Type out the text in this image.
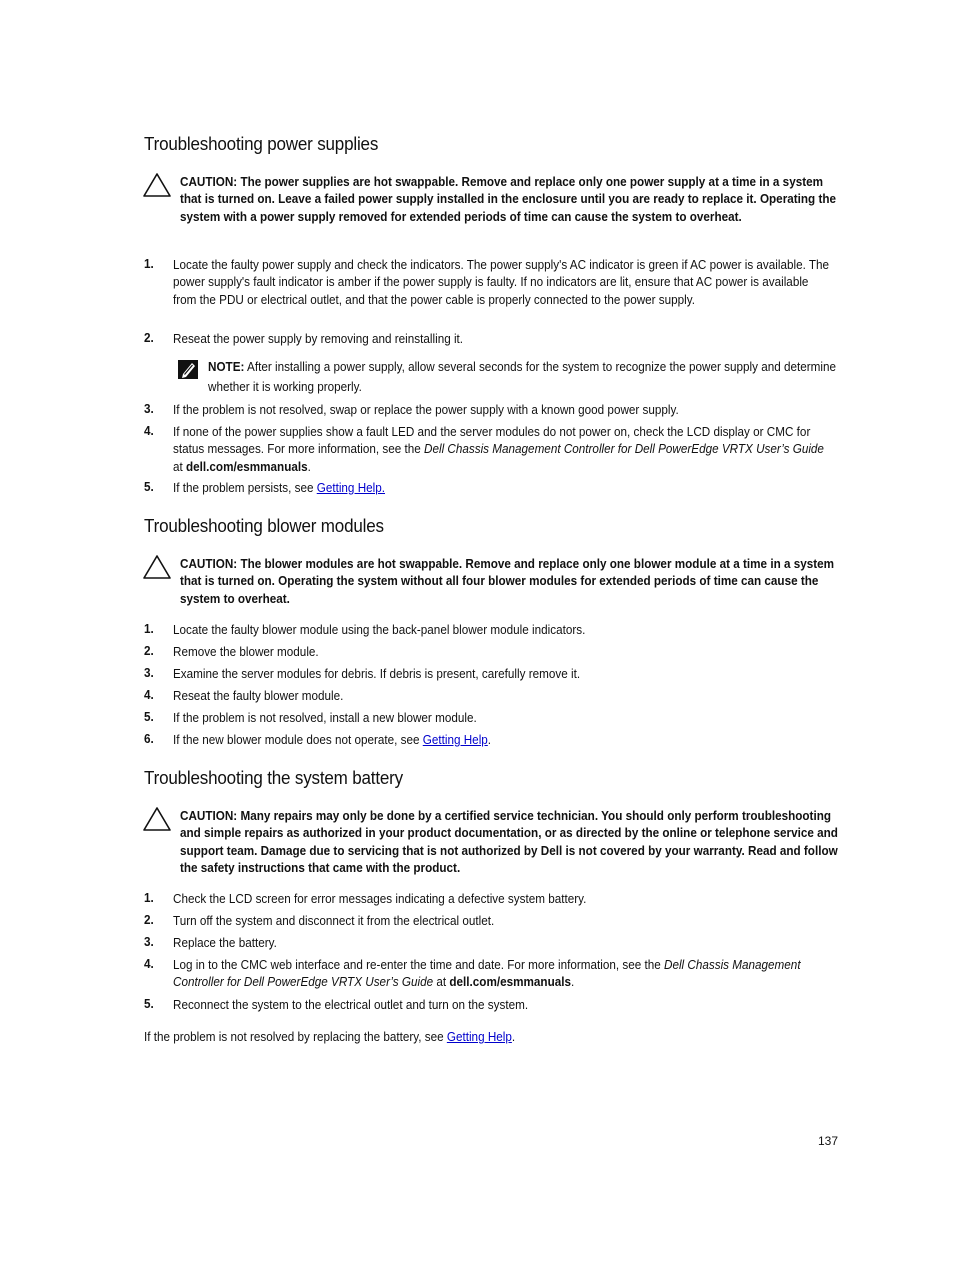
Troubleshooting power supplies
CAUTION: The power supplies are hot swappable. Remove and replace only one power supply at a time in a system that is turned on. Leave a failed power supply installed in the enclosure until you are ready to replace it. Operating the system with a power supply removed for extended periods of time can cause the system to overheat.
1. Locate the faulty power supply and check the indicators. The power supply's AC indicator is green if AC power is available. The power supply's fault indicator is amber if the power supply is faulty. If no indicators are lit, ensure that AC power is available from the PDU or electrical outlet, and that the power cable is properly connected to the power supply.
2. Reseat the power supply by removing and reinstalling it.
NOTE: After installing a power supply, allow several seconds for the system to recognize the power supply and determine whether it is working properly.
3. If the problem is not resolved, swap or replace the power supply with a known good power supply.
4. If none of the power supplies show a fault LED and the server modules do not power on, check the LCD display or CMC for status messages. For more information, see the Dell Chassis Management Controller for Dell PowerEdge VRTX User’s Guide at dell.com/esmmanuals.
5. If the problem persists, see Getting Help.
Troubleshooting blower modules
CAUTION: The blower modules are hot swappable. Remove and replace only one blower module at a time in a system that is turned on. Operating the system without all four blower modules for extended periods of time can cause the system to overheat.
1. Locate the faulty blower module using the back-panel blower module indicators.
2. Remove the blower module.
3. Examine the server modules for debris. If debris is present, carefully remove it.
4. Reseat the faulty blower module.
5. If the problem is not resolved, install a new blower module.
6. If the new blower module does not operate, see Getting Help.
Troubleshooting the system battery
CAUTION: Many repairs may only be done by a certified service technician. You should only perform troubleshooting and simple repairs as authorized in your product documentation, or as directed by the online or telephone service and support team. Damage due to servicing that is not authorized by Dell is not covered by your warranty. Read and follow the safety instructions that came with the product.
1. Check the LCD screen for error messages indicating a defective system battery.
2. Turn off the system and disconnect it from the electrical outlet.
3. Replace the battery.
4. Log in to the CMC web interface and re-enter the time and date. For more information, see the Dell Chassis Management Controller for Dell PowerEdge VRTX User’s Guide at dell.com/esmmanuals.
5. Reconnect the system to the electrical outlet and turn on the system.
If the problem is not resolved by replacing the battery, see Getting Help.
137
